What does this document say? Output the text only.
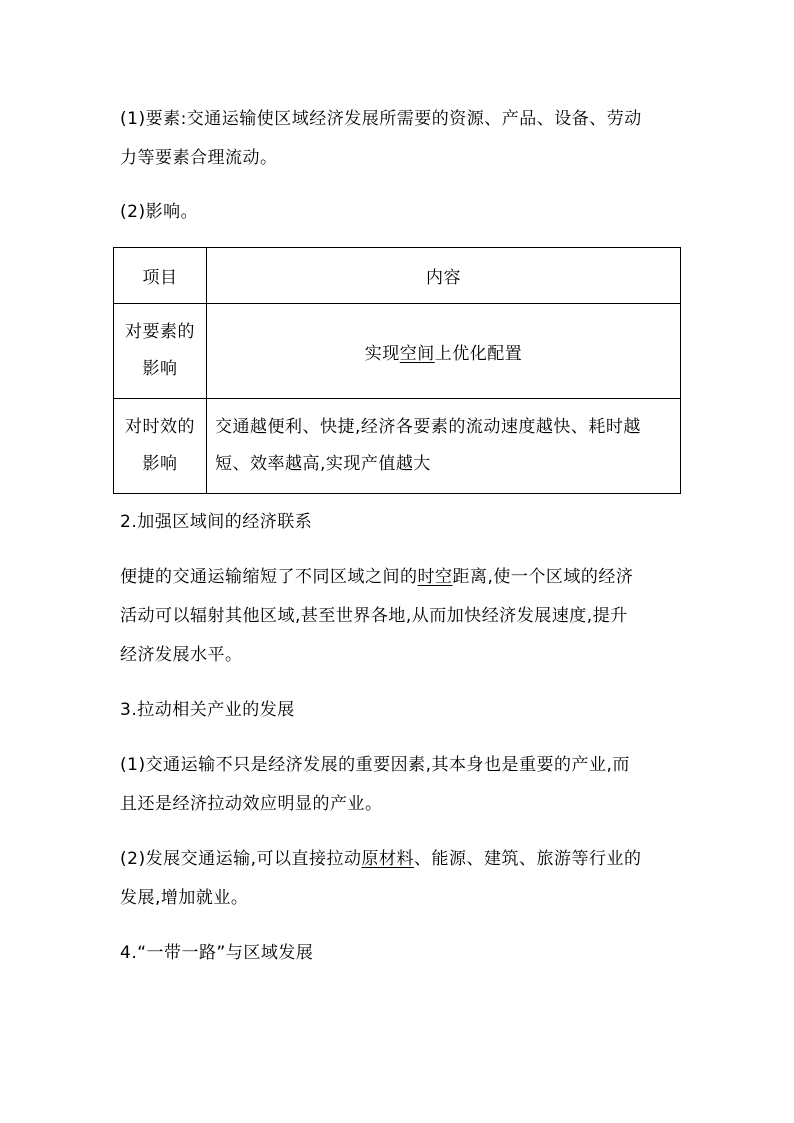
(1)要素:交通运输使区域经济发展所需要的资源、产品、设备、劳动
力等要素合理流动。
(2)影响。
项目	内容
对要素的
影响	实现空间上优化配置
对时效的
影响	交通越便利、快捷,经济各要素的流动速度越快、耗时越
短、效率越高,实现产值越大
2.加强区域间的经济联系
便捷的交通运输缩短了不同区域之间的时空距离,使一个区域的经济
活动可以辐射其他区域,甚至世界各地,从而加快经济发展速度,提升
经济发展水平。
3.拉动相关产业的发展
(1)交通运输不只是经济发展的重要因素,其本身也是重要的产业,而
且还是经济拉动效应明显的产业。
(2)发展交通运输,可以直接拉动原材料、能源、建筑、旅游等行业的
发展,增加就业。
4.“一带一路”与区域发展
